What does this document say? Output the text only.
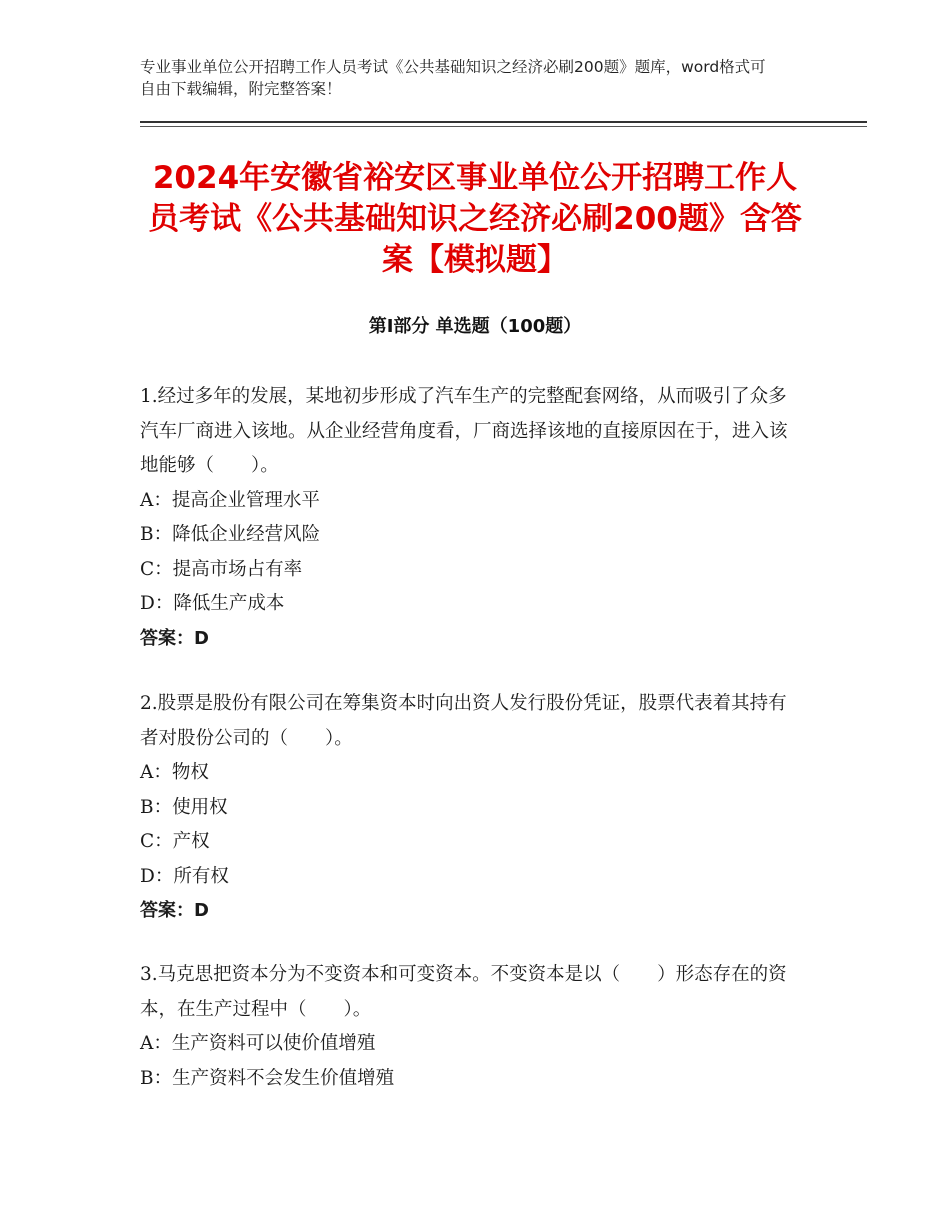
专业事业单位公开招聘工作人员考试《公共基础知识之经济必刷200题》题库，word格式可自由下载编辑，附完整答案！
2024年安徽省裕安区事业单位公开招聘工作人员考试《公共基础知识之经济必刷200题》含答案【模拟题】
第Ⅰ部分 单选题（100题）

1.经过多年的发展，某地初步形成了汽车生产的完整配套网络，从而吸引了众多汽车厂商进入该地。从企业经营角度看，厂商选择该地的直接原因在于，进入该地能够（　　）。

A：提高企业管理水平

B：降低企业经营风险

C：提高市场占有率

D：降低生产成本

答案：D

2.股票是股份有限公司在筹集资本时向出资人发行股份凭证，股票代表着其持有者对股份公司的（　　）。

A：物权

B：使用权

C：产权

D：所有权

答案：D

3.马克思把资本分为不变资本和可变资本。不变资本是以（　　）形态存在的资本，在生产过程中（　　）。

A：生产资料可以使价值增殖

B：生产资料不会发生价值增殖
